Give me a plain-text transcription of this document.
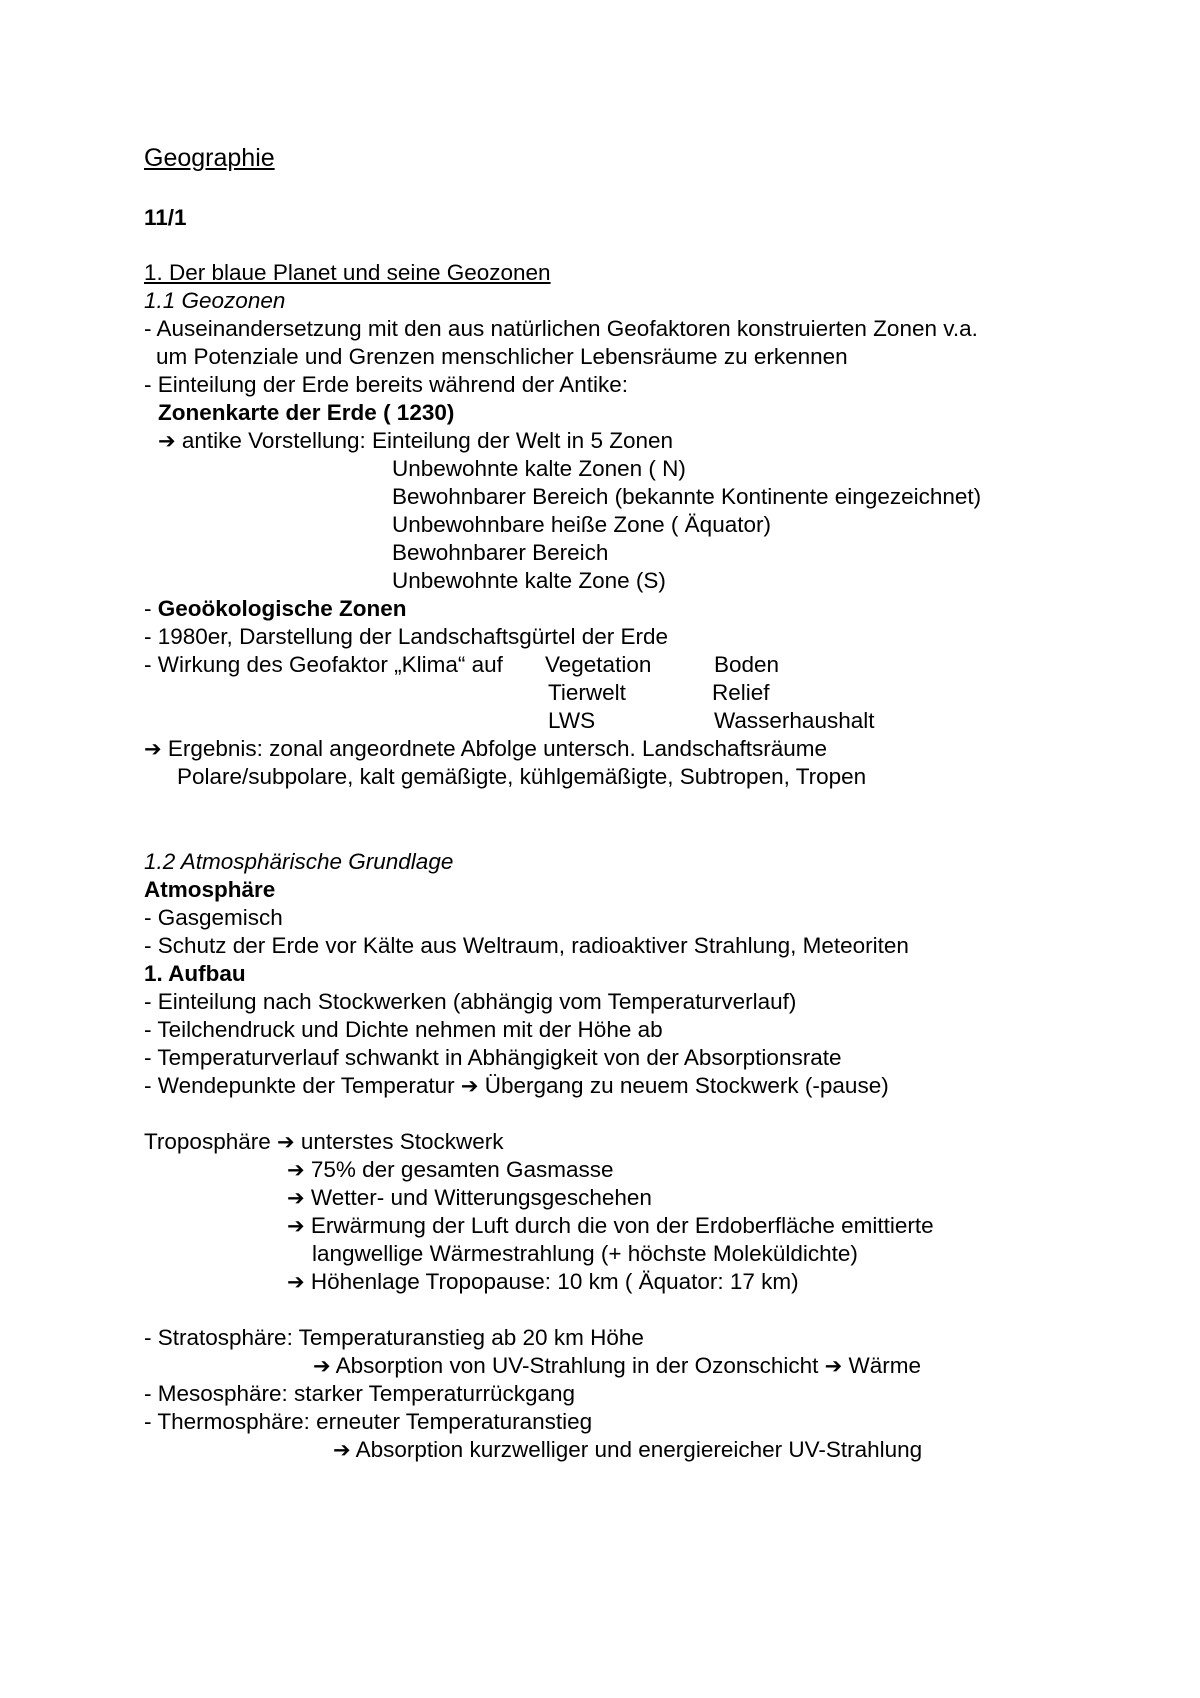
Geographie
11/1
1. Der blaue Planet und seine Geozonen
1.1 Geozonen
- Auseinandersetzung mit den aus natürlichen Geofaktoren konstruierten Zonen v.a.
um Potenziale und Grenzen menschlicher Lebensräume zu erkennen
- Einteilung der Erde bereits während der Antike:
Zonenkarte der Erde ( 1230)
➔ antike Vorstellung: Einteilung der Welt in 5 Zonen
Unbewohnte kalte Zonen ( N)
Bewohnbarer Bereich (bekannte Kontinente eingezeichnet)
Unbewohnbare heiße Zone ( Äquator)
Bewohnbarer Bereich
Unbewohnte kalte Zone (S)
- Geoökologische Zonen
- 1980er, Darstellung der Landschaftsgürtel der Erde
- Wirkung des Geofaktor „Klima“ auf Vegetation	Boden
Tierwelt	Relief
LWS	Wasserhaushalt
➔ Ergebnis: zonal angeordnete Abfolge untersch. Landschaftsräume
Polare/subpolare, kalt gemäßigte, kühlgemäßigte, Subtropen, Tropen
1.2 Atmosphärische Grundlage
Atmosphäre
- Gasgemisch
- Schutz der Erde vor Kälte aus Weltraum, radioaktiver Strahlung, Meteoriten
1. Aufbau
- Einteilung nach Stockwerken (abhängig vom Temperaturverlauf)
- Teilchendruck und Dichte nehmen mit der Höhe ab
- Temperaturverlauf schwankt in Abhängigkeit von der Absorptionsrate
- Wendepunkte der Temperatur ➔ Übergang zu neuem Stockwerk (-pause)
Troposphäre ➔ unterstes Stockwerk
➔ 75% der gesamten Gasmasse
➔ Wetter- und Witterungsgeschehen
➔ Erwärmung der Luft durch die von der Erdoberfläche emittierte
langwellige Wärmestrahlung (+ höchste Moleküldichte)
➔ Höhenlage Tropopause: 10 km ( Äquator: 17 km)
- Stratosphäre: Temperaturanstieg ab 20 km Höhe
➔ Absorption von UV-Strahlung in der Ozonschicht ➔ Wärme
- Mesosphäre: starker Temperaturrückgang
- Thermosphäre: erneuter Temperaturanstieg
➔ Absorption kurzwelliger und energiereicher UV-Strahlung
